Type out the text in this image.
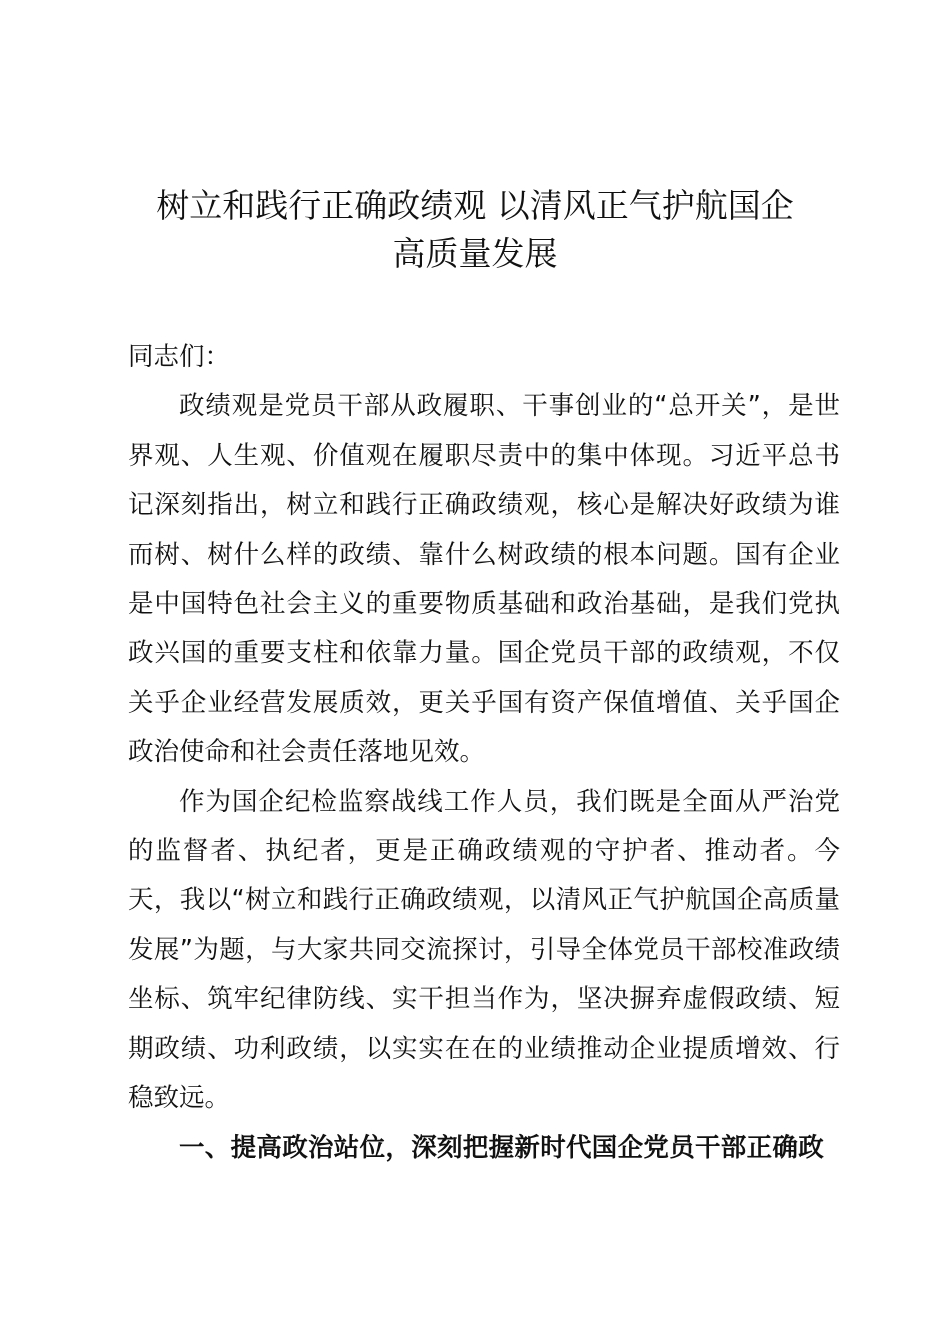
树立和践行正确政绩观 以清风正气护航国企
高质量发展

同志们：

政绩观是党员干部从政履职、干事创业的“总开关”，是世界观、人生观、价值观在履职尽责中的集中体现。习近平总书记深刻指出，树立和践行正确政绩观，核心是解决好政绩为谁而树、树什么样的政绩、靠什么树政绩的根本问题。国有企业是中国特色社会主义的重要物质基础和政治基础，是我们党执政兴国的重要支柱和依靠力量。国企党员干部的政绩观，不仅关乎企业经营发展质效，更关乎国有资产保值增值、关乎国企政治使命和社会责任落地见效。

作为国企纪检监察战线工作人员，我们既是全面从严治党的监督者、执纪者，更是正确政绩观的守护者、推动者。今天，我以“树立和践行正确政绩观，以清风正气护航国企高质量发展”为题，与大家共同交流探讨，引导全体党员干部校准政绩坐标、筑牢纪律防线、实干担当作为，坚决摒弃虚假政绩、短期政绩、功利政绩，以实实在在的业绩推动企业提质增效、行稳致远。

一、提高政治站位，深刻把握新时代国企党员干部正确政
